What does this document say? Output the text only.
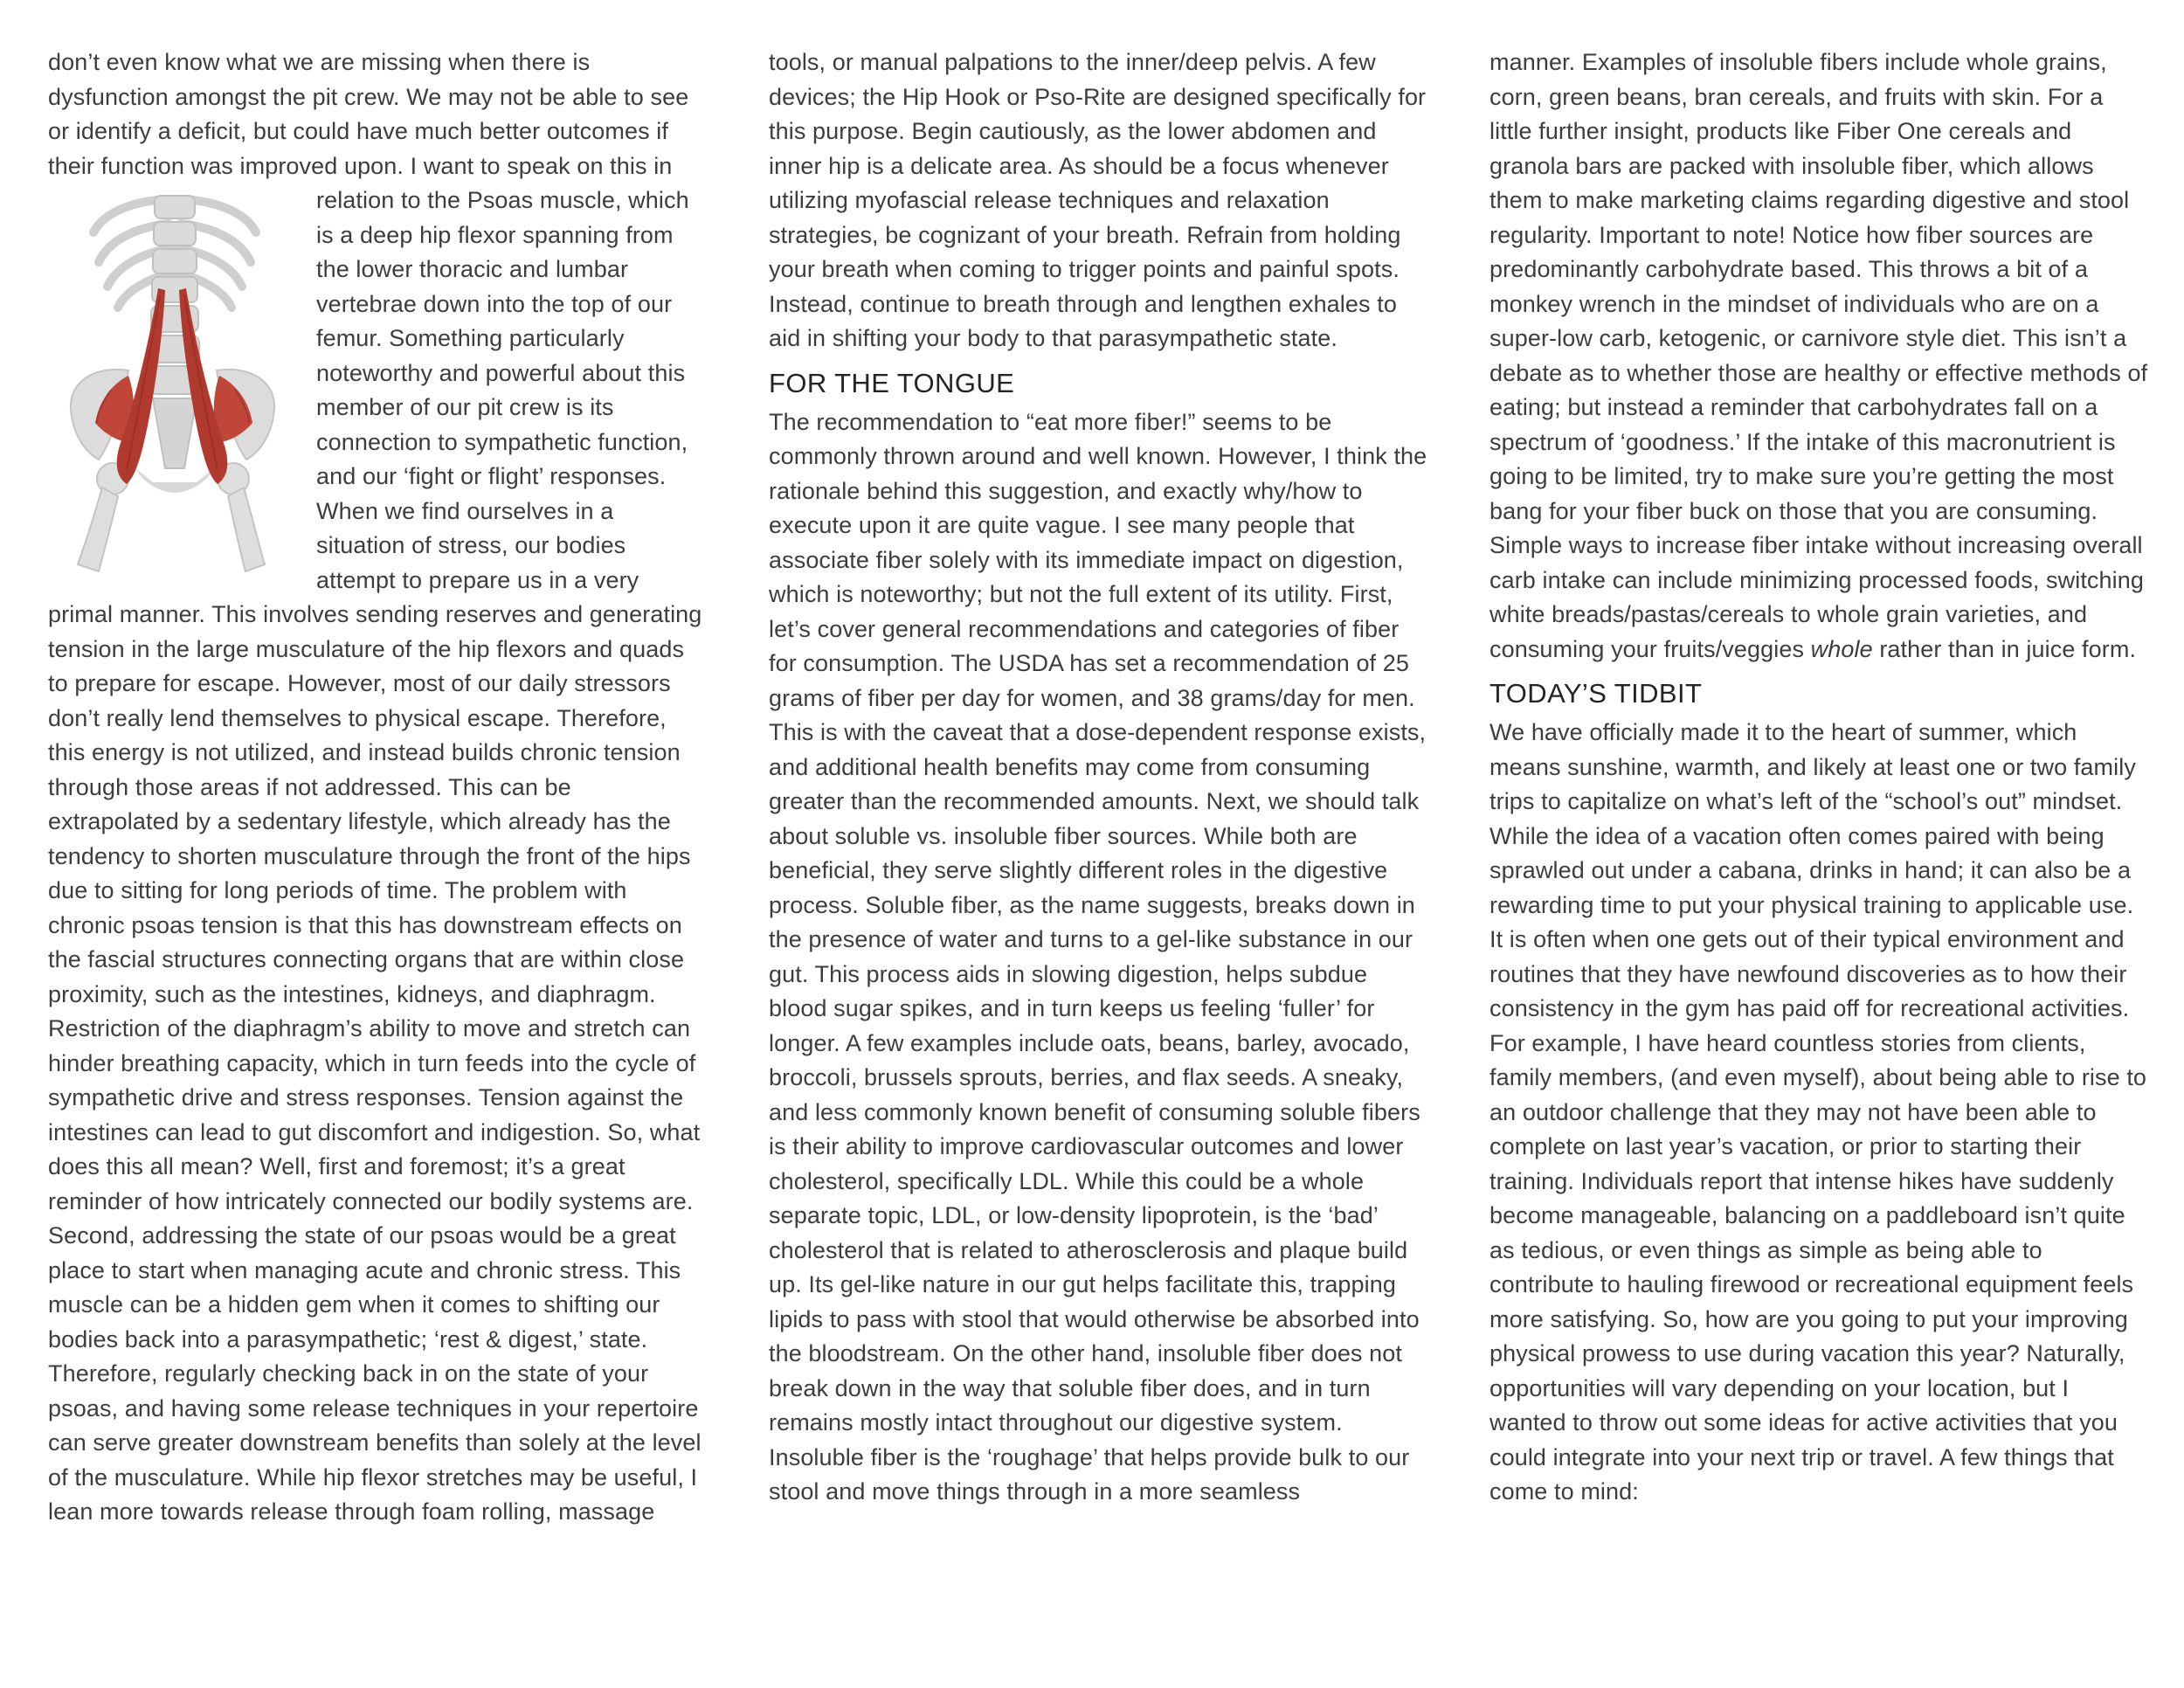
don’t even know what we are missing when there is dysfunction amongst the pit crew. We may not be able to see or identify a deficit, but could have much better outcomes if their function was improved upon. I want to
speak on this in relation to the Psoas muscle, which is a deep hip flexor spanning from the lower thoracic and lumbar vertebrae down into the top of our femur. Something particularly noteworthy and powerful about this member of our pit crew is its connection to sympathetic function, and our ‘fight or flight’ responses. When we find ourselves in a situation of stress, our bodies attempt to prepare us in a very primal manner. This involves sending reserves and generating tension in the large musculature of the hip flexors and quads to prepare for escape. However, most of our daily stressors don’t really lend themselves to physical escape. Therefore, this energy is not utilized, and instead builds chronic tension through those areas if not addressed. This can be extrapolated by a sedentary lifestyle, which already has the tendency to shorten musculature through the front of the hips due to sitting for long periods of time. The problem with chronic psoas tension is that this has downstream effects on the fascial structures connecting organs that are within close proximity, such as the intestines, kidneys, and diaphragm. Restriction of the diaphragm’s ability to move and stretch can hinder breathing capacity, which in turn feeds into the cycle of sympathetic drive and stress responses. Tension against the intestines can lead to gut discomfort and indigestion. So, what does this all mean? Well, first and foremost; it’s a great reminder of how intricately connected our bodily systems are. Second, addressing the state of our psoas would be a great place to start when managing acute and chronic stress. This muscle can be a hidden gem when it comes to shifting our bodies back into a parasympathetic; ‘rest & digest,’ state. Therefore, regularly checking back in on the state of your psoas, and having some release techniques in your repertoire can serve greater downstream benefits than solely at the level of the musculature. While hip flexor stretches may be useful, I lean more towards release through foam rolling, massage

tools, or manual palpations to the inner/deep pelvis. A few devices; the Hip Hook or Pso-Rite are designed specifically for this purpose. Begin cautiously, as the lower abdomen and inner hip is a delicate area. As should be a focus whenever utilizing myofascial release techniques and relaxation strategies, be cognizant of your breath. Refrain from holding your breath when coming to trigger points and painful spots. Instead, continue to breath through and lengthen exhales to aid in shifting your body to that parasympathetic state.

FOR THE TONGUE

The recommendation to “eat more fiber!” seems to be commonly thrown around and well known. However, I think the rationale behind this suggestion, and exactly why/how to execute upon it are quite vague. I see many people that associate fiber solely with its immediate impact on digestion, which is noteworthy; but not the full extent of its utility. First, let’s cover general recommendations and categories of fiber for consumption. The USDA has set a recommendation of 25 grams of fiber per day for women, and 38 grams/day for men. This is with the caveat that a dose-dependent response exists, and additional health benefits may come from consuming greater than the recommended amounts. Next, we should talk about soluble vs. insoluble fiber sources. While both are beneficial, they serve slightly different roles in the digestive process. Soluble fiber, as the name suggests, breaks down in the presence of water and turns to a gel-like substance in our gut. This process aids in slowing digestion, helps subdue blood sugar spikes, and in turn keeps us feeling ‘fuller’ for longer. A few examples include oats, beans, barley, avocado, broccoli, brussels sprouts, berries, and flax seeds. A sneaky, and less commonly known benefit of consuming soluble fibers is their ability to improve cardiovascular outcomes and lower cholesterol, specifically LDL. While this could be a whole separate topic, LDL, or low-density lipoprotein, is the ‘bad’ cholesterol that is related to atherosclerosis and plaque build up. Its gel-like nature in our gut helps facilitate this, trapping lipids to pass with stool that would otherwise be absorbed into the bloodstream. On the other hand, insoluble fiber does not break down in the way that soluble fiber does, and in turn remains mostly intact throughout our digestive system. Insoluble fiber is the ‘roughage’ that helps provide bulk to our stool and move things through in a more seamless

manner. Examples of insoluble fibers include whole grains, corn, green beans, bran cereals, and fruits with skin. For a little further insight, products like Fiber One cereals and granola bars are packed with insoluble fiber, which allows them to make marketing claims regarding digestive and stool regularity. Important to note! Notice how fiber sources are predominantly carbohydrate based. This throws a bit of a monkey wrench in the mindset of individuals who are on a super-low carb, ketogenic, or carnivore style diet. This isn’t a debate as to whether those are healthy or effective methods of eating; but instead a reminder that carbohydrates fall on a spectrum of ‘goodness.’ If the intake of this macronutrient is going to be limited, try to make sure you’re getting the most bang for your fiber buck on those that you are consuming. Simple ways to increase fiber intake without increasing overall carb intake can include minimizing processed foods, switching white breads/pastas/cereals to whole grain varieties, and consuming your fruits/veggies whole rather than in juice form.

TODAY’S TIDBIT

We have officially made it to the heart of summer, which means sunshine, warmth, and likely at least one or two family trips to capitalize on what’s left of the “school’s out” mindset. While the idea of a vacation often comes paired with being sprawled out under a cabana, drinks in hand; it can also be a rewarding time to put your physical training to applicable use. It is often when one gets out of their typical environment and routines that they have newfound discoveries as to how their consistency in the gym has paid off for recreational activities. For example, I have heard countless stories from clients, family members, (and even myself), about being able to rise to an outdoor challenge that they may not have been able to complete on last year’s vacation, or prior to starting their training. Individuals report that intense hikes have suddenly become manageable, balancing on a paddleboard isn’t quite as tedious, or even things as simple as being able to contribute to hauling firewood or recreational equipment feels more satisfying. So, how are you going to put your improving physical prowess to use during vacation this year? Naturally, opportunities will vary depending on your location, but I wanted to throw out some ideas for active activities that you could integrate into your next trip or travel. A few things that come to mind:
